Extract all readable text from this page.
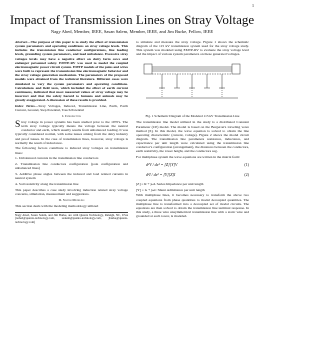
1
Impact of Transmission Lines on Stray Voltage
Nagy Abed, Member, IEEE, Sasan Salem, Member, IEEE, and Jim Burke, Fellow, IEEE

Abstract—The purpose of this paper is to study the effect of transmission system parameters and operating conditions on stray voltage levels. This includes the transmission line conductor configurations, line loading levels, grounding system parameters, and load unbalance. Excessive stray voltages levels may have a negative effect on dairy farm cows and endanger personnel safety. EMTP-RV was used to model the coupled electromagnetic power circuit system. EMTP models of the poles and wires were built to represent the transmission line electromagnetic behavior and the stray voltage generation mechanism. The parameters of the proposed models were obtained from the technical literature. Different cases were simulated to vary the system parameters and operating conditions. Calculations and field tests, which included the effect of earth current continuous, indicated that most measured values of stray voltage may be incorrect and that the safety hazard to humans and animals may be greatly exaggerated. A discussion of these results is provided.

Index Terms—Stray Voltages, Induced, Transmission Line, Earth, Earth Current, Ground, Step Potential, Touch Potential

I. Introduction

Stray voltage in power systems has been studied prior to the 1970's. The term stray voltage typically means the voltage between the neutral conductor and earth, which usually results from unbalanced loading. It was typically considered normal, with some issues arising from the dairy industry and proof issues. In the case of transmission lines, however, stray voltage is normally the result of inductance.

The following factors contribute to induced stray voltages on transmission lines:

1- Unbalanced currents in the transmission line conductors

2- Transmission line conductors configuration (pole configuration and unbalanced lines)

3- Additive phase angles between the induced and load related currents in neutral system

4- Soil resistivity along the transmission line

This paper describes a case study involving induction related stray voltage concerns, simulation, measurement and suggestions.

II. System Modeling

This section deals with the modeling methodology utilized

Nagy Abed, Sasan Salem, and Jim Burke, are with Quanta Technology, Raleigh, NC, USA (nabed@quanta-technology.com, ssalem@quanta-technology.com, jburke@quanta-technology.com)

to simulate and measure the stray voltage. Figure 1 shows the schematic diagram of the 115 kV transmission system used for the stray voltage study. This system was modeled using EMTP-RV to evaluate the stray voltage level and the impact of various system parameters on these generated voltages.

Fig. 1 Schematic Diagram of the Modeled 115 kV Transmission Line

The transmission line model utilized in the study is a distributed Constant Parameter (CP) model. The model is based on the Bergeron's traveling wave method [6]. In this model, the wave equation is solved to obtain the line operating characteristic (current, voltage). Figure 2 shows the model circuit diagram. The transmission line parameters resistance, inductance, and capacitance per unit length were calculated using the transmission line conductor's configuration (arrangement), the distances between the conductors, earth resistivity, the tower height, and the conductors sag.

For multiphase system the wave equations are written in the matrix form:

d²V / dx² = [Z][Y]V	(1)
d²I / dx² = [Y][Z]I	(2)

[Z] = R + jωL Series Impedance per unit length

[Y] = G + jωC Shunt Admittance per unit length

With multiphase lines, it becomes necessary to transform the above two coupled equations from phase quantities to modal decoupled quantities. The multiphase line is transformed into a decoupled set of modal circuits. The equations are then solved to obtain the transmission line terminal response. In this study, a three wire unsymmetrical transmission line with a static wire and grounded at each tower, is modeled.
